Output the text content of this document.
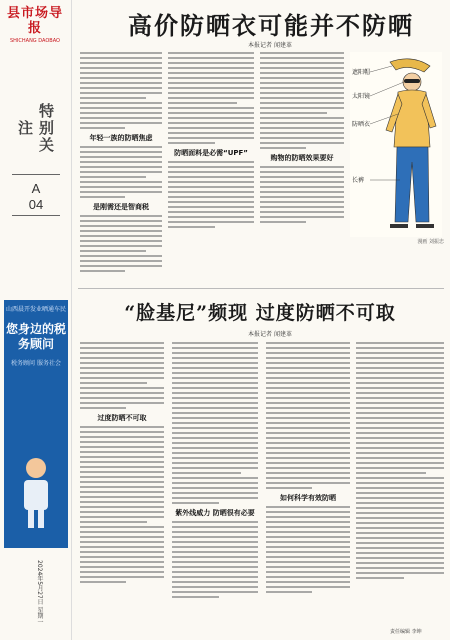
县市场导报
SHICHANG DAOBAO
特别关注
A
04
山西晨开发业晒通车民
您身边的税务顾问
税务顾问 服务社会
2024年5月27日 星期一
高价防晒衣可能并不防晒
本报记者 闻建革
年轻一族的防晒焦虑
是刚需还是智商税
防晒面料是必需“UPF”
购物的防晒效果要好
遮阳帽
太阳镜
防晒衣
长裤
漫画 刘振忠
“脸基尼”频现 过度防晒不可取
本报记者 闻建革
过度防晒不可取
紫外线威力 防晒很有必要
如何科学有效防晒
责任编辑 李坤
